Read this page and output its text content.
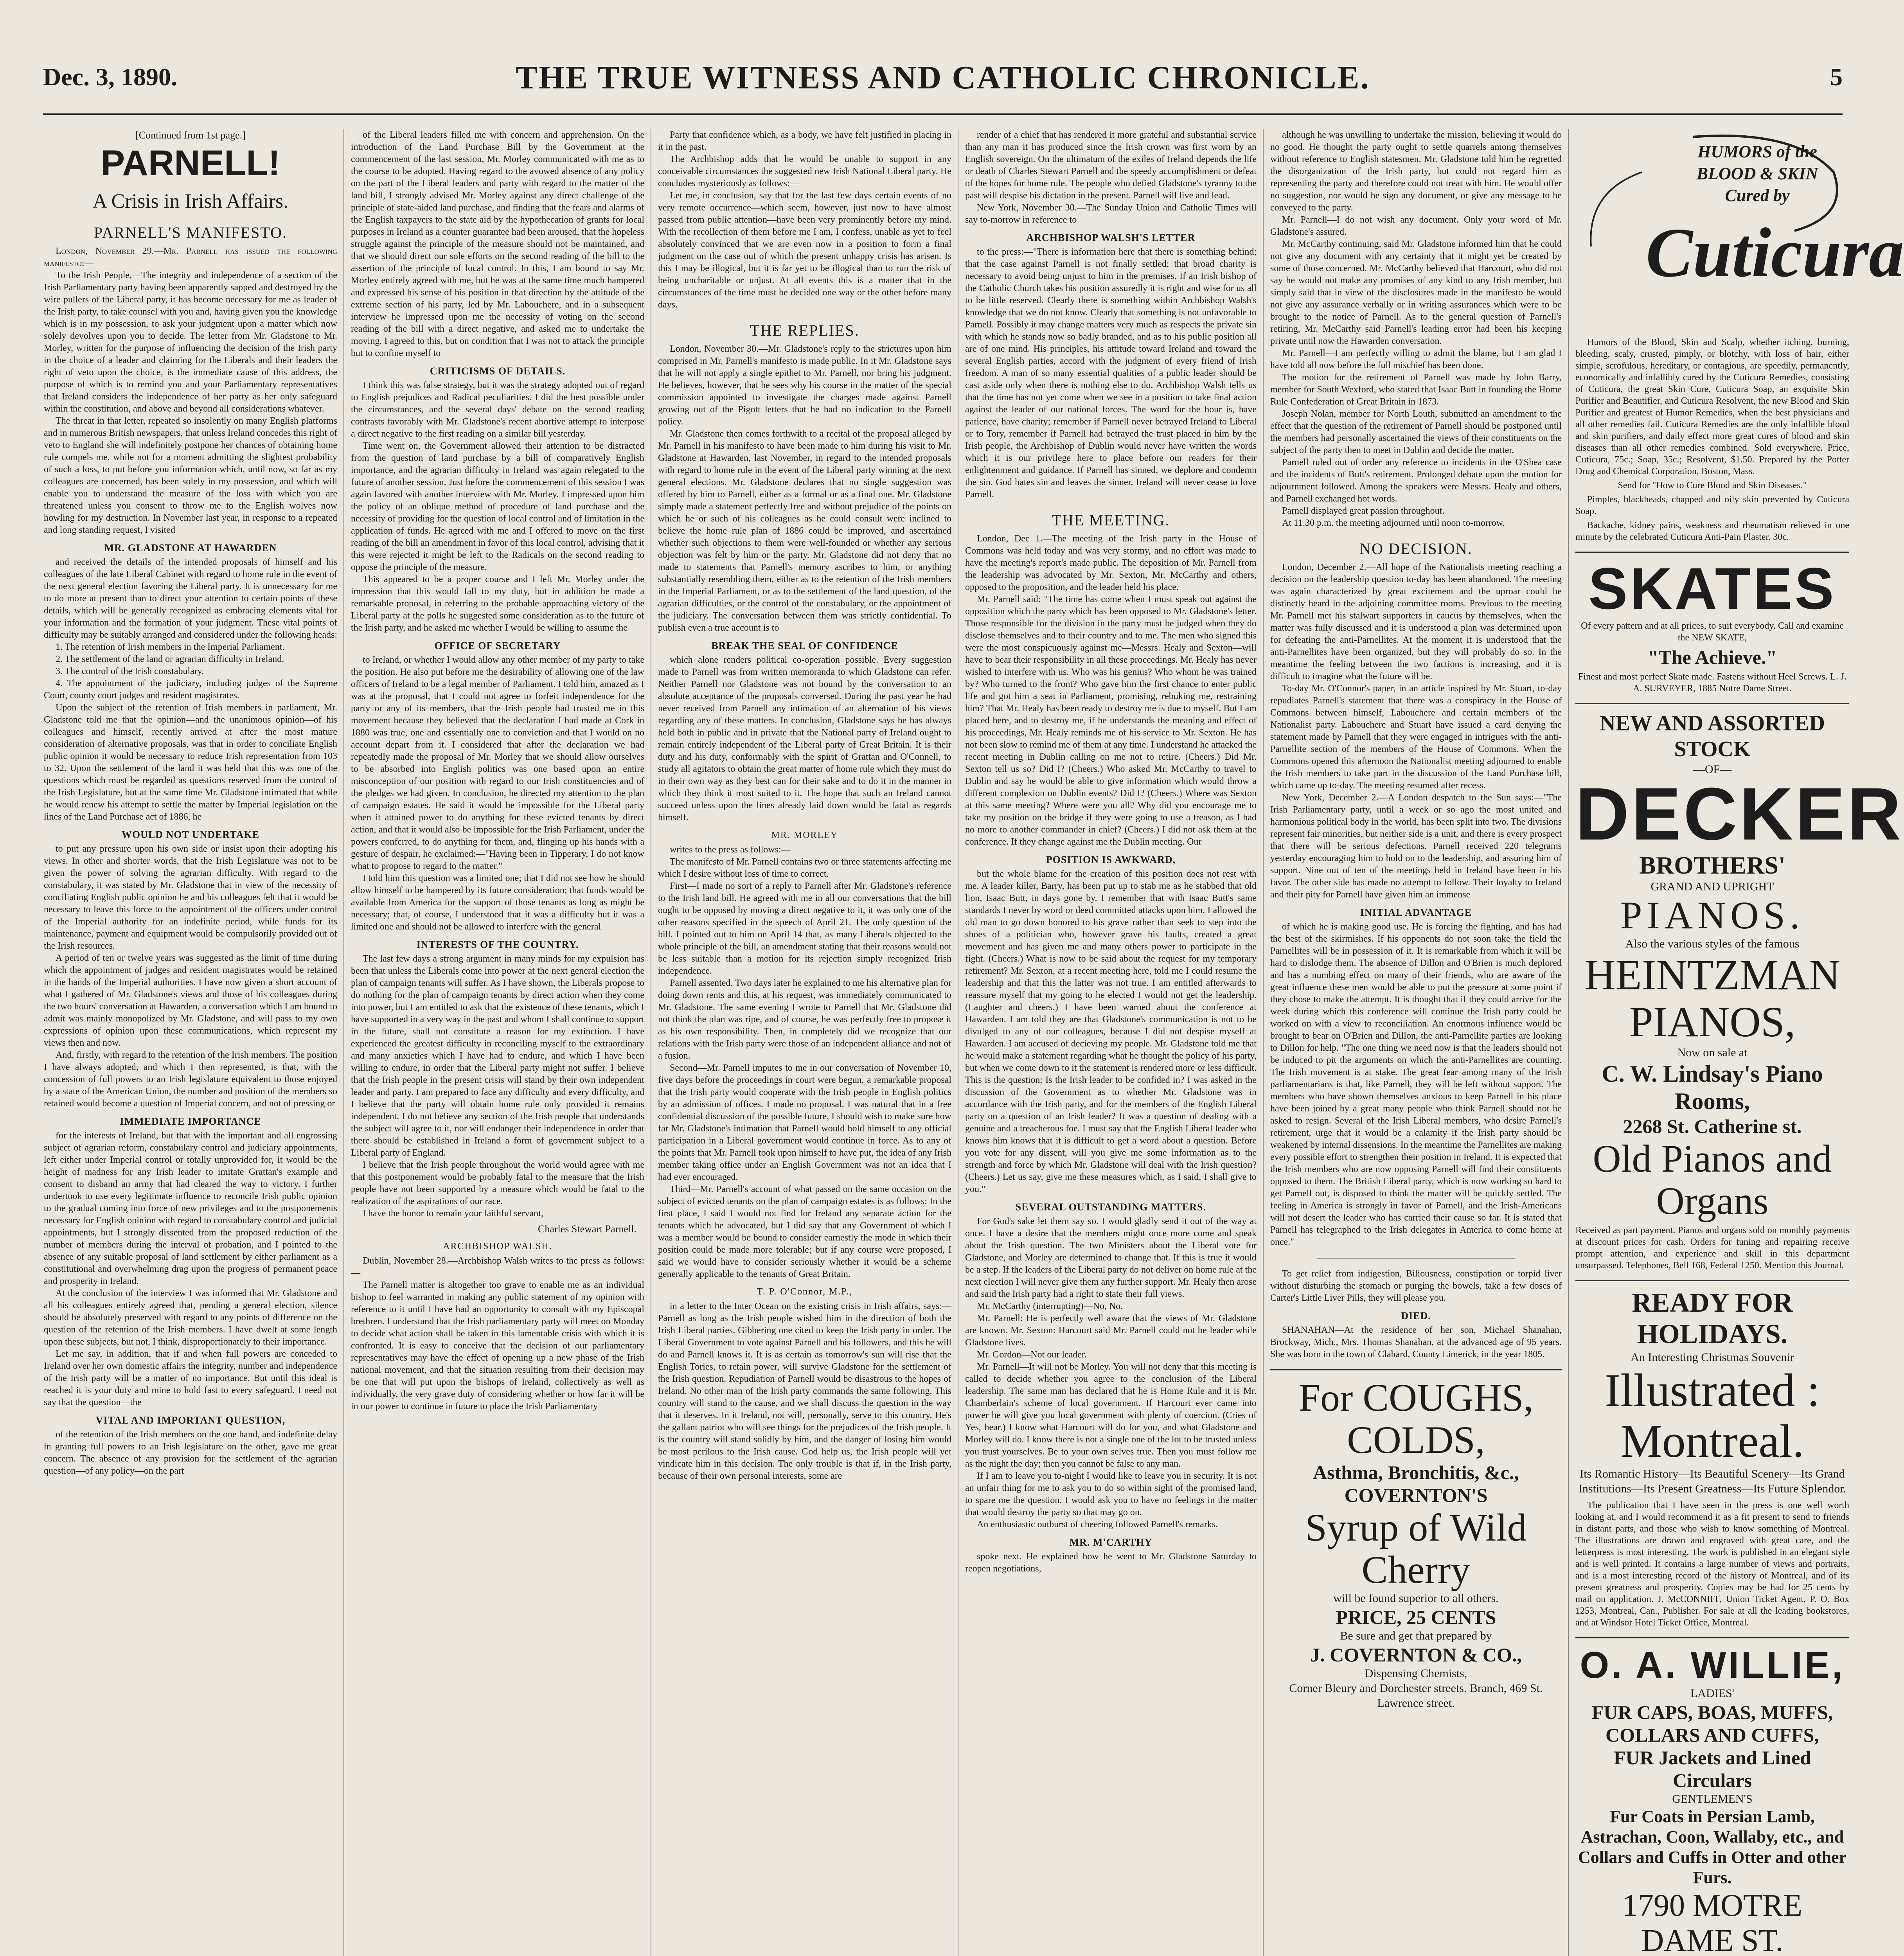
Dec. 3, 1890.	THE TRUE WITNESS AND CATHOLIC CHRONICLE.	5
[Continued from 1st page.]
PARNELL!
A Crisis in Irish Affairs.
PARNELL'S MANIFESTO.

London, November 29.—Mr. Parnell has issued the following manifesto:—

To the Irish People,—The integrity and independence of a section of the Irish Parliamentary party having been apparently sapped and destroyed by the wire pullers of the Liberal party, it has become necessary for me as leader of the Irish party, to take counsel with you and, having given you the knowledge which is in my possession, to ask your judgment upon a matter which now solely devolves upon you to decide. The letter from Mr. Gladstone to Mr. Morley, written for the purpose of influencing the decision of the Irish party in the choice of a leader and claiming for the Liberals and their leaders the right of veto upon the choice, is the immediate cause of this address, the purpose of which is to remind you and your Parliamentary representatives that Ireland considers the independence of her party as her only safeguard within the constitution, and above and beyond all considerations whatever.

The threat in that letter, repeated so insolently on many English platforms and in numerous British newspapers, that unless Ireland concedes this right of veto to England she will indefinitely postpone her chances of obtaining home rule compels me, while not for a moment admitting the slightest probability of such a loss, to put before you information which, until now, so far as my colleagues are concerned, has been solely in my possession, and which will enable you to understand the measure of the loss with which you are threatened unless you consent to throw me to the English wolves now howling for my destruction. In November last year, in response to a repeated and long standing request, I visited

MR. GLADSTONE AT HAWARDEN

and received the details of the intended proposals of himself and his colleagues of the late Liberal Cabinet with regard to home rule in the event of the next general election favoring the Liberal party. It is unnecessary for me to do more at present than to direct your attention to certain points of these details, which will be generally recognized as embracing elements vital for your information and the formation of your judgment. These vital points of difficulty may be suitably arranged and considered under the following heads:

1. The retention of Irish members in the Imperial Parliament.

2. The settlement of the land or agrarian difficulty in Ireland.

3. The control of the Irish constabulary.

4. The appointment of the judiciary, including judges of the Supreme Court, county court judges and resident magistrates.

Upon the subject of the retention of Irish members in parliament, Mr. Gladstone told me that the opinion—and the unanimous opinion—of his colleagues and himself, recently arrived at after the most mature consideration of alternative proposals, was that in order to conciliate English public opinion it would be necessary to reduce Irish representation from 103 to 32. Upon the settlement of the land it was held that this was one of the questions which must be regarded as questions reserved from the control of the Irish Legislature, but at the same time Mr. Gladstone intimated that while he would renew his attempt to settle the matter by Imperial legislation on the lines of the Land Purchase act of 1886, he

WOULD NOT UNDERTAKE

to put any pressure upon his own side or insist upon their adopting his views. In other and shorter words, that the Irish Legislature was not to be given the power of solving the agrarian difficulty. With regard to the constabulary, it was stated by Mr. Gladstone that in view of the necessity of conciliating English public opinion he and his colleagues felt that it would be necessary to leave this force to the appointment of the officers under control of the Imperial authority for an indefinite period, while funds for its maintenance, payment and equipment would be compulsorily provided out of the Irish resources.

A period of ten or twelve years was suggested as the limit of time during which the appointment of judges and resident magistrates would be retained in the hands of the Imperial authorities. I have now given a short account of what I gathered of Mr. Gladstone's views and those of his colleagues during the two hours' conversation at Hawarden, a conversation which I am bound to admit was mainly monopolized by Mr. Gladstone, and will pass to my own expressions of opinion upon these communications, which represent my views then and now.

And, firstly, with regard to the retention of the Irish members. The position I have always adopted, and which I then represented, is that, with the concession of full powers to an Irish legislature equivalent to those enjoyed by a state of the American Union, the number and position of the members so retained would become a question of Imperial concern, and not of pressing or

IMMEDIATE IMPORTANCE

for the interests of Ireland, but that with the important and all engrossing subject of agrarian reform, constabulary control and judiciary appointments, left either under Imperial control or totally unprovided for, it would be the height of madness for any Irish leader to imitate Grattan's example and consent to disband an army that had cleared the way to victory. I further undertook to use every legitimate influence to reconcile Irish public opinion to the gradual coming into force of new privileges and to the postponements necessary for English opinion with regard to constabulary control and judicial appointments, but I strongly dissented from the proposed reduction of the number of members during the interval of probation, and I pointed to the absence of any suitable proposal of land settlement by either parliament as a constitutional and overwhelming drag upon the progress of permanent peace and prosperity in Ireland.

At the conclusion of the interview I was informed that Mr. Gladstone and all his colleagues entirely agreed that, pending a general election, silence should be absolutely preserved with regard to any points of difference on the question of the retention of the Irish members. I have dwelt at some length upon these subjects, but not, I think, disproportionately to their importance.

Let me say, in addition, that if and when full powers are conceded to Ireland over her own domestic affairs the integrity, number and independence of the Irish party will be a matter of no importance. But until this ideal is reached it is your duty and mine to hold fast to every safeguard. I need not say that the question—the

VITAL AND IMPORTANT QUESTION,

of the retention of the Irish members on the one hand, and indefinite delay in granting full powers to an Irish legislature on the other, gave me great concern. The absence of any provision for the settlement of the agrarian question—of any policy—on the part

of the Liberal leaders filled me with concern and apprehension. On the introduction of the Land Purchase Bill by the Government at the commencement of the last session, Mr. Morley communicated with me as to the course to be adopted. Having regard to the avowed absence of any policy on the part of the Liberal leaders and party with regard to the matter of the land bill, I strongly advised Mr. Morley against any direct challenge of the principle of state-aided land purchase, and finding that the fears and alarms of the English taxpayers to the state aid by the hypothecation of grants for local purposes in Ireland as a counter guarantee had been aroused, that the hopeless struggle against the principle of the measure should not be maintained, and that we should direct our sole efforts on the second reading of the bill to the assertion of the principle of local control. In this, I am bound to say Mr. Morley entirely agreed with me, but he was at the same time much hampered and expressed his sense of his position in that direction by the attitude of the extreme section of his party, led by Mr. Labouchere, and in a subsequent interview he impressed upon me the necessity of voting on the second reading of the bill with a direct negative, and asked me to undertake the moving. I agreed to this, but on condition that I was not to attack the principle but to confine myself to

CRITICISMS OF DETAILS.

I think this was false strategy, but it was the strategy adopted out of regard to English prejudices and Radical peculiarities. I did the best possible under the circumstances, and the several days' debate on the second reading contrasts favorably with Mr. Gladstone's recent abortive attempt to interpose a direct negative to the first reading on a similar bill yesterday.

Time went on, the Government allowed their attention to be distracted from the question of land purchase by a bill of comparatively English importance, and the agrarian difficulty in Ireland was again relegated to the future of another session. Just before the commencement of this session I was again favored with another interview with Mr. Morley. I impressed upon him the policy of an oblique method of procedure of land purchase and the necessity of providing for the question of local control and of limitation in the application of funds. He agreed with me and I offered to move on the first reading of the bill an amendment in favor of this local control, advising that it this were rejected it might be left to the Radicals on the second reading to oppose the principle of the measure.

This appeared to be a proper course and I left Mr. Morley under the impression that this would fall to my duty, but in addition he made a remarkable proposal, in referring to the probable approaching victory of the Liberal party at the polls he suggested some consideration as to the future of the Irish party, and he asked me whether I would be willing to assume the

OFFICE OF SECRETARY

to Ireland, or whether I would allow any other member of my party to take the position. He also put before me the desirability of allowing one of the law officers of Ireland to be a legal member of Parliament. I told him, amazed as I was at the proposal, that I could not agree to forfeit independence for the party or any of its members, that the Irish people had trusted me in this movement because they believed that the declaration I had made at Cork in 1880 was true, one and essentially one to conviction and that I would on no account depart from it. I considered that after the declaration we had repeatedly made the proposal of Mr. Morley that we should allow ourselves to be absorbed into English politics was one based upon an entire misconception of our position with regard to our Irish constituencies and of the pledges we had given. In conclusion, he directed my attention to the plan of campaign estates. He said it would be impossible for the Liberal party when it attained power to do anything for these evicted tenants by direct action, and that it would also be impossible for the Irish Parliament, under the powers conferred, to do anything for them, and, flinging up his hands with a gesture of despair, he exclaimed:—"Having been in Tipperary, I do not know what to propose to regard to the matter."

I told him this question was a limited one; that I did not see how he should allow himself to be hampered by its future consideration; that funds would be available from America for the support of those tenants as long as might be necessary; that, of course, I understood that it was a difficulty but it was a limited one and should not be allowed to interfere with the general

INTERESTS OF THE COUNTRY.

The last few days a strong argument in many minds for my expulsion has been that unless the Liberals come into power at the next general election the plan of campaign tenants will suffer. As I have shown, the Liberals propose to do nothing for the plan of campaign tenants by direct action when they come into power, but I am entitled to ask that the existence of these tenants, which I have supported in a very way in the past and whom I shall continue to support in the future, shall not constitute a reason for my extinction. I have experienced the greatest difficulty in reconciling myself to the extraordinary and many anxieties which I have had to endure, and which I have been willing to endure, in order that the Liberal party might not suffer. I believe that the Irish people in the present crisis will stand by their own independent leader and party. I am prepared to face any difficulty and every difficulty, and I believe that the party will obtain home rule only provided it remains independent. I do not believe any section of the Irish people that understands the subject will agree to it, nor will endanger their independence in order that there should be established in Ireland a form of government subject to a Liberal party of England.

I believe that the Irish people throughout the world would agree with me that this postponement would be probably fatal to the measure that the Irish people have not been supported by a measure which would be fatal to the realization of the aspirations of our race.

I have the honor to remain your faithful servant,

Charles Stewart Parnell.
ARCHBISHOP WALSH.

Dublin, November 28.—Archbishop Walsh writes to the press as follows:—

The Parnell matter is altogether too grave to enable me as an individual bishop to feel warranted in making any public statement of my opinion with reference to it until I have had an opportunity to consult with my Episcopal brethren. I understand that the Irish parliamentary party will meet on Monday to decide what action shall be taken in this lamentable crisis with which it is confronted. It is easy to conceive that the decision of our parliamentary representatives may have the effect of opening up a new phase of the Irish national movement, and that the situation resulting from their decision may be one that will put upon the bishops of Ireland, collectively as well as individually, the very grave duty of considering whether or how far it will be in our power to continue in future to place the Irish Parliamentary

Party that confidence which, as a body, we have felt justified in placing in it in the past.

The Archbishop adds that he would be unable to support in any conceivable circumstances the suggested new Irish National Liberal party. He concludes mysteriously as follows:—

Let me, in conclusion, say that for the last few days certain events of no very remote occurrence—which seem, however, just now to have almost passed from public attention—have been very prominently before my mind. With the recollection of them before me I am, I confess, unable as yet to feel absolutely convinced that we are even now in a position to form a final judgment on the case out of which the present unhappy crisis has arisen. Is this I may be illogical, but it is far yet to be illogical than to run the risk of being uncharitable or unjust. At all events this is a matter that in the circumstances of the time must be decided one way or the other before many days.

THE REPLIES.

London, November 30.—Mr. Gladstone's reply to the strictures upon him comprised in Mr. Parnell's manifesto is made public. In it Mr. Gladstone says that he will not apply a single epithet to Mr. Parnell, nor bring his judgment. He believes, however, that he sees why his course in the matter of the special commission appointed to investigate the charges made against Parnell growing out of the Pigott letters that he had no indication to the Parnell policy.

Mr. Gladstone then comes forthwith to a recital of the proposal alleged by Mr. Parnell in his manifesto to have been made to him during his visit to Mr. Gladstone at Hawarden, last November, in regard to the intended proposals with regard to home rule in the event of the Liberal party winning at the next general elections. Mr. Gladstone declares that no single suggestion was offered by him to Parnell, either as a formal or as a final one. Mr. Gladstone simply made a statement perfectly free and without prejudice of the points on which he or such of his colleagues as he could consult were inclined to believe the home rule plan of 1886 could be improved, and ascertained whether such objections to them were well-founded or whether any serious objection was felt by him or the party. Mr. Gladstone did not deny that no made to statements that Parnell's memory ascribes to him, or anything substantially resembling them, either as to the retention of the Irish members in the Imperial Parliament, or as to the settlement of the land question, of the agrarian difficulties, or the control of the constabulary, or the appointment of the judiciary. The conversation between them was strictly confidential. To publish even a true account is to

BREAK THE SEAL OF CONFIDENCE

which alone renders political co-operation possible. Every suggestion made to Parnell was from written memoranda to which Gladstone can refer. Neither Parnell nor Gladstone was not bound by the conversation to an absolute acceptance of the proposals conversed. During the past year he had never received from Parnell any intimation of an alternation of his views regarding any of these matters. In conclusion, Gladstone says he has always held both in public and in private that the National party of Ireland ought to remain entirely independent of the Liberal party of Great Britain. It is their duty and his duty, conformably with the spirit of Grattan and O'Connell, to study all agitators to obtain the great matter of home rule which they must do in their own way as they best can for their sake and to do it in the manner in which they think it most suited to it. The hope that such an Ireland cannot succeed unless upon the lines already laid down would be fatal as regards himself.

MR. MORLEY

writes to the press as follows:—

The manifesto of Mr. Parnell contains two or three statements affecting me which I desire without loss of time to correct.

First—I made no sort of a reply to Parnell after Mr. Gladstone's reference to the Irish land bill. He agreed with me in all our conversations that the bill ought to be opposed by moving a direct negative to it, it was only one of the other reasons specified in the speech of April 21. The only question of the bill. I pointed out to him on April 14 that, as many Liberals objected to the whole principle of the bill, an amendment stating that their reasons would not be less suitable than a motion for its rejection simply recognized Irish independence.

Parnell assented. Two days later he explained to me his alternative plan for doing down rents and this, at his request, was immediately communicated to Mr. Gladstone. The same evening I wrote to Parnell that Mr. Gladstone did not think the plan was ripe, and of course, he was perfectly free to propose it as his own responsibility. Then, in completely did we recognize that our relations with the Irish party were those of an independent alliance and not of a fusion.

Second—Mr. Parnell imputes to me in our conversation of November 10, five days before the proceedings in court were begun, a remarkable proposal that the Irish party would cooperate with the Irish people in English politics by an admission of offices. I made no proposal. I was natural that in a free confidential discussion of the possible future, I should wish to make sure how far Mr. Gladstone's intimation that Parnell would hold himself to any official participation in a Liberal government would continue in force. As to any of the points that Mr. Parnell took upon himself to have put, the idea of any Irish member taking office under an English Government was not an idea that I had ever encouraged.

Third—Mr. Parnell's account of what passed on the same occasion on the subject of evicted tenants on the plan of campaign estates is as follows: In the first place, I said I would not find for Ireland any separate action for the tenants which he advocated, but I did say that any Government of which I was a member would be bound to consider earnestly the mode in which their position could be made more tolerable; but if any course were proposed, I said we would have to consider seriously whether it would be a scheme generally applicable to the tenants of Great Britain.

T. P. O'Connor, M.P.,

in a letter to the Inter Ocean on the existing crisis in Irish affairs, says:—Parnell as long as the Irish people wished him in the direction of both the Irish Liberal parties. Gibbering one cited to keep the Irish party in order. The Liberal Government to vote against Parnell and his followers, and this he will do and Parnell knows it. It is as certain as tomorrow's sun will rise that the English Tories, to retain power, will survive Gladstone for the settlement of the Irish question. Repudiation of Parnell would be disastrous to the hopes of Ireland. No other man of the Irish party commands the same following. This country will stand to the cause, and we shall discuss the question in the way that it deserves. In it Ireland, not will, personally, serve to this country. He's the gallant patriot who will see things for the prejudices of the Irish people. It is the country will stand solidly by him, and the danger of losing him would be most perilous to the Irish cause. God help us, the Irish people will yet vindicate him in this decision. The only trouble is that if, in the Irish party, because of their own personal interests, some are

render of a chief that has rendered it more grateful and substantial service than any man it has produced since the Irish crown was first worn by an English sovereign. On the ultimatum of the exiles of Ireland depends the life or death of Charles Stewart Parnell and the speedy accomplishment or defeat of the hopes for home rule. The people who defied Gladstone's tyranny to the past will despise his dictation in the present. Parnell will live and lead.

New York, November 30.—The Sunday Union and Catholic Times will say to-morrow in reference to

ARCHBISHOP WALSH'S LETTER

to the press:—"There is information here that there is something behind; that the case against Parnell is not finally settled; that broad charity is necessary to avoid being unjust to him in the premises. If an Irish bishop of the Catholic Church takes his position assuredly it is right and wise for us all to be little reserved. Clearly there is something within Archbishop Walsh's knowledge that we do not know. Clearly that something is not unfavorable to Parnell. Possibly it may change matters very much as respects the private sin with which he stands now so badly branded, and as to his public position all are of one mind. His principles, his attitude toward Ireland and toward the several English parties, accord with the judgment of every friend of Irish freedom. A man of so many essential qualities of a public leader should be cast aside only when there is nothing else to do. Archbishop Walsh tells us that the time has not yet come when we see in a position to take final action against the leader of our national forces. The word for the hour is, have patience, have charity; remember if Parnell never betrayed Ireland to Liberal or to Tory, remember if Parnell had betrayed the trust placed in him by the Irish people, the Archbishop of Dublin would never have written the words which it is our privilege here to place before our readers for their enlightenment and guidance. If Parnell has sinned, we deplore and condemn the sin. God hates sin and leaves the sinner. Ireland will never cease to love Parnell.

THE MEETING.

London, Dec 1.—The meeting of the Irish party in the House of Commons was held today and was very stormy, and no effort was made to have the meeting's report's made public. The deposition of Mr. Parnell from the leadership was advocated by Mr. Sexton, Mr. McCarthy and others, opposed to the proposition, and the leader held his place.

Mr. Parnell said: "The time has come when I must speak out against the opposition which the party which has been opposed to Mr. Gladstone's letter. Those responsible for the division in the party must be judged when they do disclose themselves and to their country and to me. The men who signed this were the most conspicuously against me—Messrs. Healy and Sexton—will have to bear their responsibility in all these proceedings. Mr. Healy has never wished to interfere with us. Who was his genius? Who whom he was trained by? Who turned to the front? Who gave him the first chance to enter public life and got him a seat in Parliament, promising, rebuking me, restraining him? That Mr. Healy has been ready to destroy me is due to myself. But I am placed here, and to destroy me, if he understands the meaning and effect of his proceedings, Mr. Healy reminds me of his service to Mr. Sexton. He has not been slow to remind me of them at any time. I understand he attacked the recent meeting in Dublin calling on me not to retire. (Cheers.) Did Mr. Sexton tell us so? Did I? (Cheers.) Who asked Mr. McCarthy to travel to Dublin and say he would be able to give information which would throw a different complexion on Dublin events? Did I? (Cheers.) Where was Sexton at this same meeting? Where were you all? Why did you encourage me to take my position on the bridge if they were going to use a treason, as I had no more to another commander in chief? (Cheers.) I did not ask them at the conference. If they change against me the Dublin meeting. Our

POSITION IS AWKWARD,

but the whole blame for the creation of this position does not rest with me. A leader killer, Barry, has been put up to stab me as he stabbed that old lion, Isaac Butt, in days gone by. I remember that with Isaac Butt's same standards I never by word or deed committed attacks upon him. I allowed the old man to go down honored to his grave rather than seek to step into the shoes of a politician who, however grave his faults, created a great movement and has given me and many others power to participate in the fight. (Cheers.) What is now to be said about the request for my temporary retirement? Mr. Sexton, at a recent meeting here, told me I could resume the leadership and that this the latter was not true. I am entitled afterwards to reassure myself that my going to he elected I would not get the leadership. (Laughter and cheers.) I have been warned about the conference at Hawarden. I am told they are that Gladstone's communication is not to be divulged to any of our colleagues, because I did not despise myself at Hawarden. I am accused of decieving my people. Mr. Gladstone told me that he would make a statement regarding what he thought the policy of his party, but when we come down to it the statement is rendered more or less difficult. This is the question: Is the Irish leader to be confided in? I was asked in the discussion of the Government as to whether Mr. Gladstone was in accordance with the Irish party, and for the members of the English Liberal party on a question of an Irish leader? It was a question of dealing with a genuine and a treacherous foe. I must say that the English Liberal leader who knows him knows that it is difficult to get a word about a question. Before you vote for any dissent, will you give me some information as to the strength and force by which Mr. Gladstone will deal with the Irish question? (Cheers.) Let us say, give me these measures which, as I said, I shall give to you."

SEVERAL OUTSTANDING MATTERS.

For God's sake let them say so. I would gladly send it out of the way at once. I have a desire that the members might once more come and speak about the Irish question. The two Ministers about the Liberal vote for Gladstone, and Morley are determined to change that. If this is true it would be a step. If the leaders of the Liberal party do not deliver on home rule at the next election I will never give them any further support. Mr. Healy then arose and said the Irish party had a right to state their full views.

Mr. McCarthy (interrupting)—No, No.

Mr. Parnell: He is perfectly well aware that the views of Mr. Gladstone are known. Mr. Sexton: Harcourt said Mr. Parnell could not be leader while Gladstone lives.

Mr. Gordon—Not our leader.

Mr. Parnell—It will not be Morley. You will not deny that this meeting is called to decide whether you agree to the conclusion of the Liberal leadership. The same man has declared that he is Home Rule and it is Mr. Chamberlain's scheme of local government. If Harcourt ever came into power he will give you local government with plenty of coercion. (Cries of Yes, hear.) I know what Harcourt will do for you, and what Gladstone and Morley will do. I know there is not a single one of the lot to be trusted unless you trust yourselves. Be to your own selves true. Then you must follow me as the night the day; then you cannot be false to any man.

If I am to leave you to-night I would like to leave you in security. It is not an unfair thing for me to ask you to do so within sight of the promised land, to spare me the question. I would ask you to have no feelings in the matter that would destroy the party so that may go on.

An enthusiastic outburst of cheering followed Parnell's remarks.

MR. M'CARTHY

spoke next. He explained how he went to Mr. Gladstone Saturday to reopen negotiations,

although he was unwilling to undertake the mission, believing it would do no good. He thought the party ought to settle quarrels among themselves without reference to English statesmen. Mr. Gladstone told him he regretted the disorganization of the Irish party, but could not regard him as representing the party and therefore could not treat with him. He would offer no suggestion, nor would he sign any document, or give any message to be conveyed to the party.

Mr. Parnell—I do not wish any document. Only your word of Mr. Gladstone's assured.

Mr. McCarthy continuing, said Mr. Gladstone informed him that he could not give any document with any certainty that it might yet be created by some of those concerned. Mr. McCarthy believed that Harcourt, who did not say he would not make any promises of any kind to any Irish member, but simply said that in view of the disclosures made in the manifesto he would not give any assurance verbally or in writing assurances which were to be brought to the notice of Parnell. As to the general question of Parnell's retiring, Mr. McCarthy said Parnell's leading error had been his keeping private until now the Hawarden conversation.

Mr. Parnell—I am perfectly willing to admit the blame, but I am glad I have told all now before the full mischief has been done.

The motion for the retirement of Parnell was made by John Barry, member for South Wexford, who stated that Isaac Butt in founding the Home Rule Confederation of Great Britain in 1873.

Joseph Nolan, member for North Louth, submitted an amendment to the effect that the question of the retirement of Parnell should be postponed until the members had personally ascertained the views of their constituents on the subject of the party then to meet in Dublin and decide the matter.

Parnell ruled out of order any reference to incidents in the O'Shea case and the incidents of Butt's retirement. Prolonged debate upon the motion for adjournment followed. Among the speakers were Messrs. Healy and others, and Parnell exchanged hot words.

Parnell displayed great passion throughout.

At 11.30 p.m. the meeting adjourned until noon to-morrow.

NO DECISION.

London, December 2.—All hope of the Nationalists meeting reaching a decision on the leadership question to-day has been abandoned. The meeting was again characterized by great excitement and the uproar could be distinctly heard in the adjoining committee rooms. Previous to the meeting Mr. Parnell met his stalwart supporters in caucus by themselves, when the matter was fully discussed and it is understood a plan was determined upon for defeating the anti-Parnellites. At the moment it is understood that the anti-Parnellites have been organized, but they will probably do so. In the meantime the feeling between the two factions is increasing, and it is difficult to imagine what the future will be.

To-day Mr. O'Connor's paper, in an article inspired by Mr. Stuart, to-day repudiates Parnell's statement that there was a conspiracy in the House of Commons between himself, Labouchere and certain members of the Nationalist party. Labouchere and Stuart have issued a card denying the statement made by Parnell that they were engaged in intrigues with the anti-Parnellite section of the members of the House of Commons. When the Commons opened this afternoon the Nationalist meeting adjourned to enable the Irish members to take part in the discussion of the Land Purchase bill, which came up to-day. The meeting resumed after recess.

New York, December 2.—A London despatch to the Sun says:—"The Irish Parliamentary party, until a week or so ago the most united and harmonious political body in the world, has been split into two. The divisions represent fair minorities, but neither side is a unit, and there is every prospect that there will be serious defections. Parnell received 220 telegrams yesterday encouraging him to hold on to the leadership, and assuring him of support. Nine out of ten of the meetings held in Ireland have been in his favor. The other side has made no attempt to follow. Their loyalty to Ireland and their pity for Parnell have given him an immense

INITIAL ADVANTAGE

of which he is making good use. He is forcing the fighting, and has had the best of the skirmishes. If his opponents do not soon take the field the Parnellites will be in possession of it. It is remarkable from which it will be hard to dislodge them. The absence of Dillon and O'Brien is much deplored and has a numbing effect on many of their friends, who are aware of the great influence these men would be able to put the pressure at some point if they chose to make the attempt. It is thought that if they could arrive for the week during which this conference will continue the Irish party could be worked on with a view to reconciliation. An enormous influence would be brought to bear on O'Brien and Dillon, the anti-Parnellite parties are looking to Dillon for help. "The one thing we need now is that the leaders should not be induced to pit the arguments on which the anti-Parnellites are counting. The Irish movement is at stake. The great fear among many of the Irish parliamentarians is that, like Parnell, they will be left without support. The members who have shown themselves anxious to keep Parnell in his place have been joined by a great many people who think Parnell should not be asked to resign. Several of the Irish Liberal members, who desire Parnell's retirement, urge that it would be a calamity if the Irish party should be weakened by internal dissensions. In the meantime the Parnellites are making every possible effort to strengthen their position in Ireland. It is expected that the Irish members who are now opposing Parnell will find their constituents opposed to them. The British Liberal party, which is now working so hard to get Parnell out, is disposed to think the matter will be quickly settled. The feeling in America is strongly in favor of Parnell, and the Irish-Americans will not desert the leader who has carried their cause so far. It is stated that Parnell has telegraphed to the Irish delegates in America to come home at once."

To get relief from indigestion, Biliousness, constipation or torpid liver without disturbing the stomach or purging the bowels, take a few doses of Carter's Little Liver Pills, they will please you.

DIED.

SHANAHAN—At the residence of her son, Michael Shanahan, Brockway, Mich., Mrs. Thomas Shanahan, at the advanced age of 95 years. She was born in the town of Clahard, County Limerick, in the year 1805.

For COUGHS, COLDS,
Asthma, Bronchitis, &c.,
COVERNTON'S
Syrup of Wild Cherry
will be found superior to all others.
PRICE, 25 CENTS
Be sure and get that prepared by
J. COVERNTON & CO.,
Dispensing Chemists,
Corner Bleury and Dorchester streets. Branch, 469 St. Lawrence street.
HUMORS of the BLOOD & SKIN Cured by
Cuticura

Humors of the Blood, Skin and Scalp, whether itching, burning, bleeding, scaly, crusted, pimply, or blotchy, with loss of hair, either simple, scrofulous, hereditary, or contagious, are speedily, permanently, economically and infallibly cured by the Cuticura Remedies, consisting of Cuticura, the great Skin Cure, Cuticura Soap, an exquisite Skin Purifier and Beautifier, and Cuticura Resolvent, the new Blood and Skin Purifier and greatest of Humor Remedies, when the best physicians and all other remedies fail. Cuticura Remedies are the only infallible blood and skin purifiers, and daily effect more great cures of blood and skin diseases than all other remedies combined. Sold everywhere. Price, Cuticura, 75c.; Soap, 35c.; Resolvent, $1.50. Prepared by the Potter Drug and Chemical Corporation, Boston, Mass.

Send for "How to Cure Blood and Skin Diseases."

Pimples, blackheads, chapped and oily skin prevented by Cuticura Soap.

Backache, kidney pains, weakness and rheumatism relieved in one minute by the celebrated Cuticura Anti-Pain Plaster. 30c.

SKATES

Of every pattern and at all prices, to suit everybody. Call and examine the NEW SKATE,

"The Achieve."

Finest and most perfect Skate made. Fastens without Heel Screws. L. J. A. SURVEYER, 1885 Notre Dame Street.

NEW AND ASSORTED STOCK
—OF—
DECKER
BROTHERS'
GRAND AND UPRIGHT
PIANOS.
Also the various styles of the famous
HEINTZMAN PIANOS,
Now on sale at
C. W. Lindsay's Piano Rooms,
2268 St. Catherine st.
Old Pianos and Organs

Received as part payment. Pianos and organs sold on monthly payments at discount prices for cash. Orders for tuning and repairing receive prompt attention, and experience and skill in this department unsurpassed. Telephones, Bell 168, Federal 1250. Mention this Journal.

READY FOR HOLIDAYS.
An Interesting Christmas Souvenir
Illustrated : Montreal.
Its Romantic History—Its Beautiful Scenery—Its Grand Institutions—Its Present Greatness—Its Future Splendor.

The publication that I have seen in the press is one well worth looking at, and I would recommend it as a fit present to send to friends in distant parts, and those who wish to know something of Montreal. The illustrations are drawn and engraved with great care, and the letterpress is most interesting. The work is published in an elegant style and is well printed. It contains a large number of views and portraits, and is a most interesting record of the history of Montreal, and of its present greatness and prosperity. Copies may be had for 25 cents by mail on application. J. McCONNIFF, Union Ticket Agent, P. O. Box 1253, Montreal, Can., Publisher. For sale at all the leading bookstores, and at Windsor Hotel Ticket Office, Montreal.

O. A. WILLIE,
LADIES'
FUR CAPS, BOAS, MUFFS, COLLARS AND CUFFS,
FUR Jackets and Lined Circulars
GENTLEMEN'S
Fur Coats in Persian Lamb, Astrachan, Coon, Wallaby, etc., and Collars and Cuffs in Otter and other Furs.
1790 MOTRE DAME ST.
